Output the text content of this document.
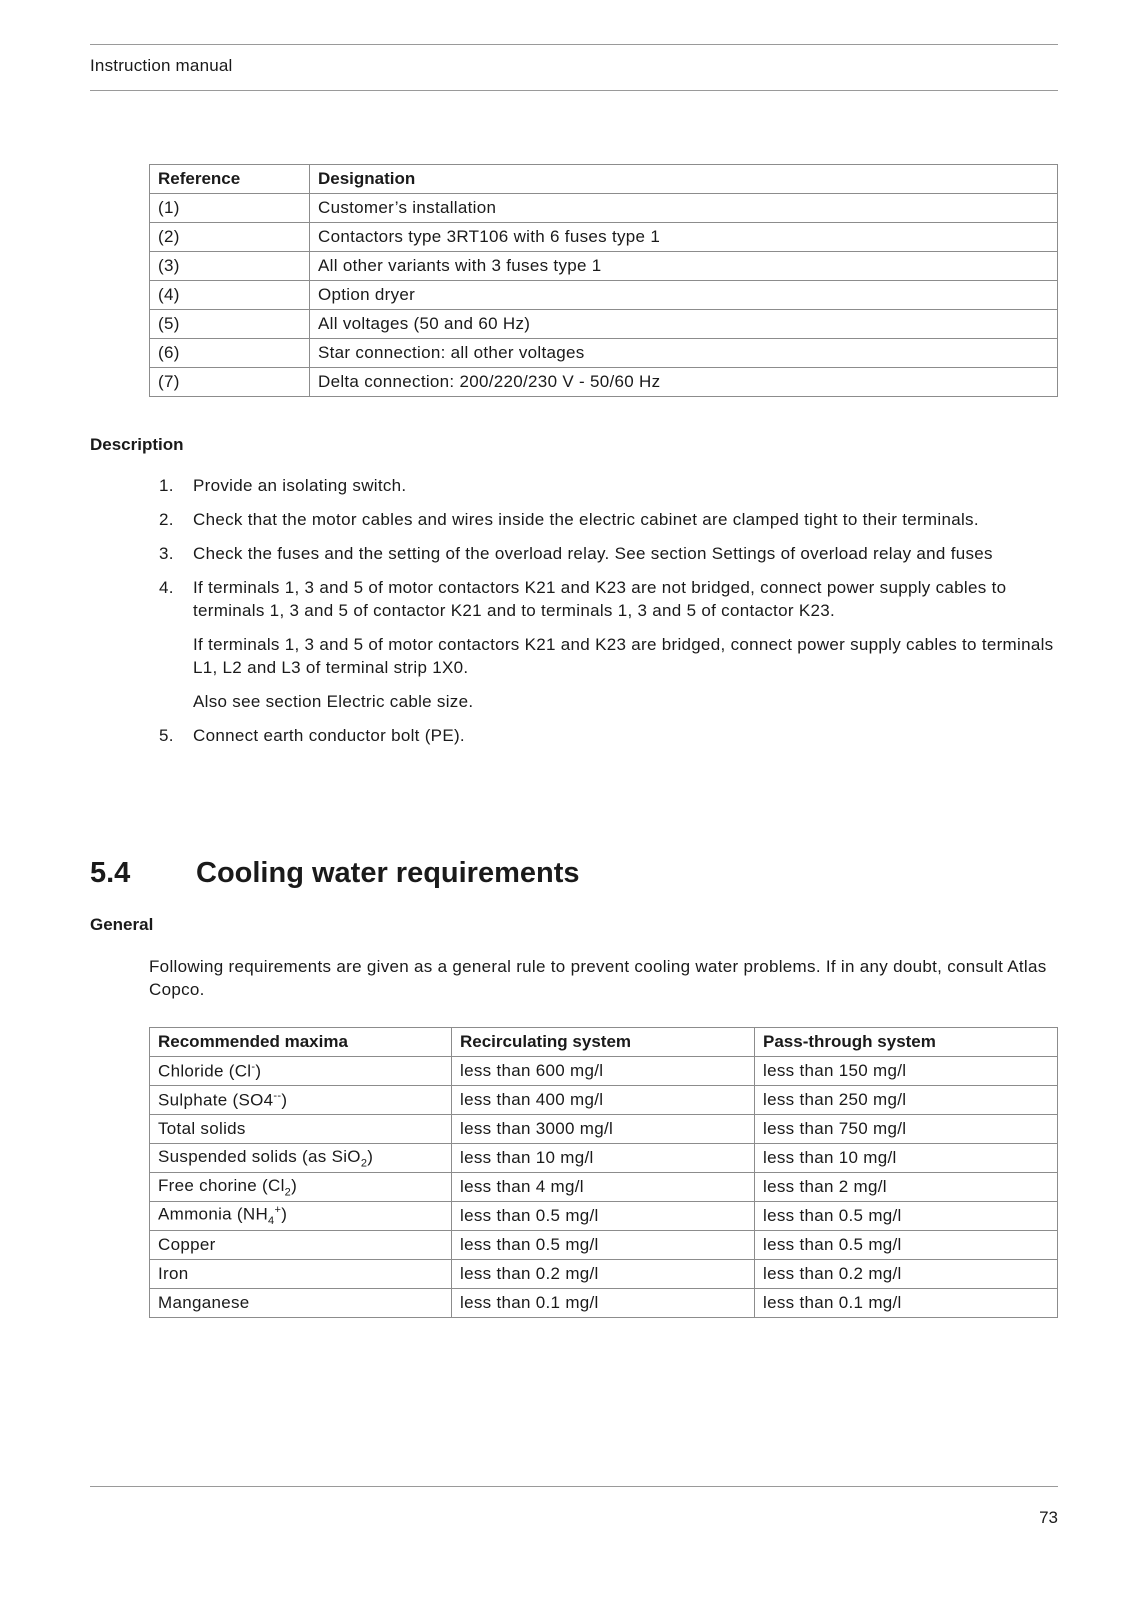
Instruction manual
Reference	Designation
(1)	Customer’s installation
(2)	Contactors type 3RT106 with 6 fuses type 1
(3)	All other variants with 3 fuses type 1
(4)	Option dryer
(5)	All voltages (50 and 60 Hz)
(6)	Star connection: all other voltages
(7)	Delta connection: 200/220/230 V - 50/60 Hz
Description
1. Provide an isolating switch.
2. Check that the motor cables and wires inside the electric cabinet are clamped tight to their terminals.
3. Check the fuses and the setting of the overload relay. See section Settings of overload relay and fuses
4. If terminals 1, 3 and 5 of motor contactors K21 and K23 are not bridged, connect power supply cables to terminals 1, 3 and 5 of contactor K21 and to terminals 1, 3 and 5 of contactor K23.

If terminals 1, 3 and 5 of motor contactors K21 and K23 are bridged, connect power supply cables to terminals L1, L2 and L3 of terminal strip 1X0.

Also see section Electric cable size.

5. Connect earth conductor bolt (PE).
5.4 Cooling water requirements
General
Following requirements are given as a general rule to prevent cooling water problems. If in any doubt, consult Atlas Copco.
Recommended maxima	Recirculating system	Pass-through system
Chloride (Cl-)	less than 600 mg/l	less than 150 mg/l
Sulphate (SO4--)	less than 400 mg/l	less than 250 mg/l
Total solids	less than 3000 mg/l	less than 750 mg/l
Suspended solids (as SiO$_2$)	less than 10 mg/l	less than 10 mg/l
Free chorine $(Cl_2)$	less than 4 mg/l	less than 2 mg/l
Ammonia $(NH_4^+)$	less than 0.5 mg/l	less than 0.5 mg/l
Copper	less than 0.5 mg/l	less than 0.5 mg/l
Iron	less than 0.2 mg/l	less than 0.2 mg/l
Manganese	less than 0.1 mg/l	less than 0.1 mg/l
73
